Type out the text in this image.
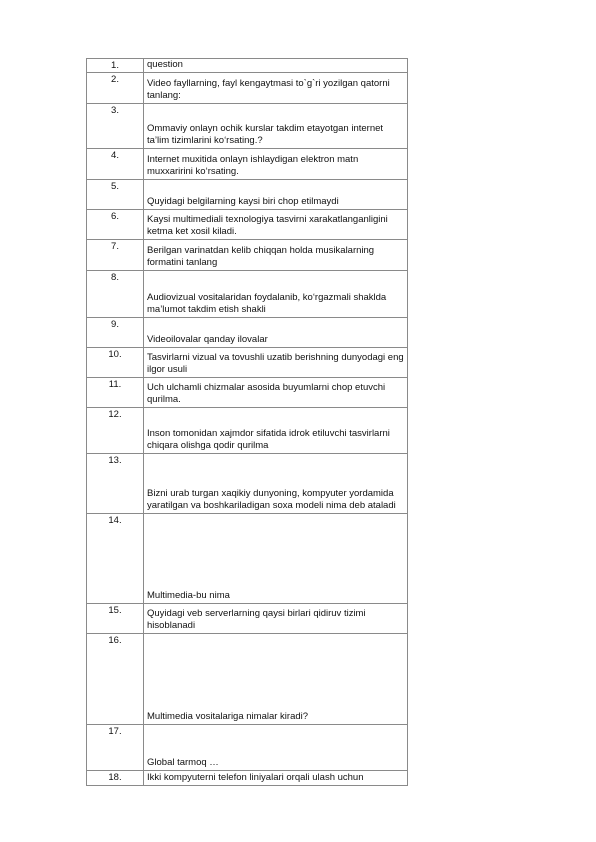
1.	question
2.	Video fayllarning, fayl kengaytmasi to`g`ri yozilgan qatorni tanlang:
3.	Ommaviy onlayn ochik kurslar takdim etayotgan internet ta’lim tizimlarini ko‘rsating.?
4.	Internet muxitida onlayn ishlaydigan elektron matn muxxaririni ko‘rsating.
5.	Quyidagi belgilarning kaysi biri chop etilmaydi
6.	Kaysi multimediali texnologiya tasvirni xarakatlanganligini ketma ket xosil kiladi.
7.	Berilgan varinatdan kelib chiqqan holda musikalarning formatini tanlang
8.	Audiovizual vositalaridan foydalanib, ko‘rgazmali shaklda ma’lumot takdim etish shakli
9.	Videoilovalar qanday ilovalar
10.	Tasvirlarni vizual va tovushli uzatib berishning dunyodagi eng ilgor usuli
11.	Uch ulchamli chizmalar asosida buyumlarni chop etuvchi qurilma.
12.	Inson tomonidan xajmdor sifatida idrok etiluvchi tasvirlarni chiqara olishga qodir qurilma
13.	Bizni urab turgan xaqikiy dunyoning, kompyuter yordamida yaratilgan va boshkariladigan soxa modeli nima deb ataladi
14.	Multimedia-bu nima
15.	Quyidagi veb serverlarning qaysi birlari qidiruv tizimi hisoblanadi
16.	Multimedia vositalariga nimalar kiradi?
17.	Global tarmoq …
18.	Ikki kompyuterni telefon liniyalari orqali ulash uchun
